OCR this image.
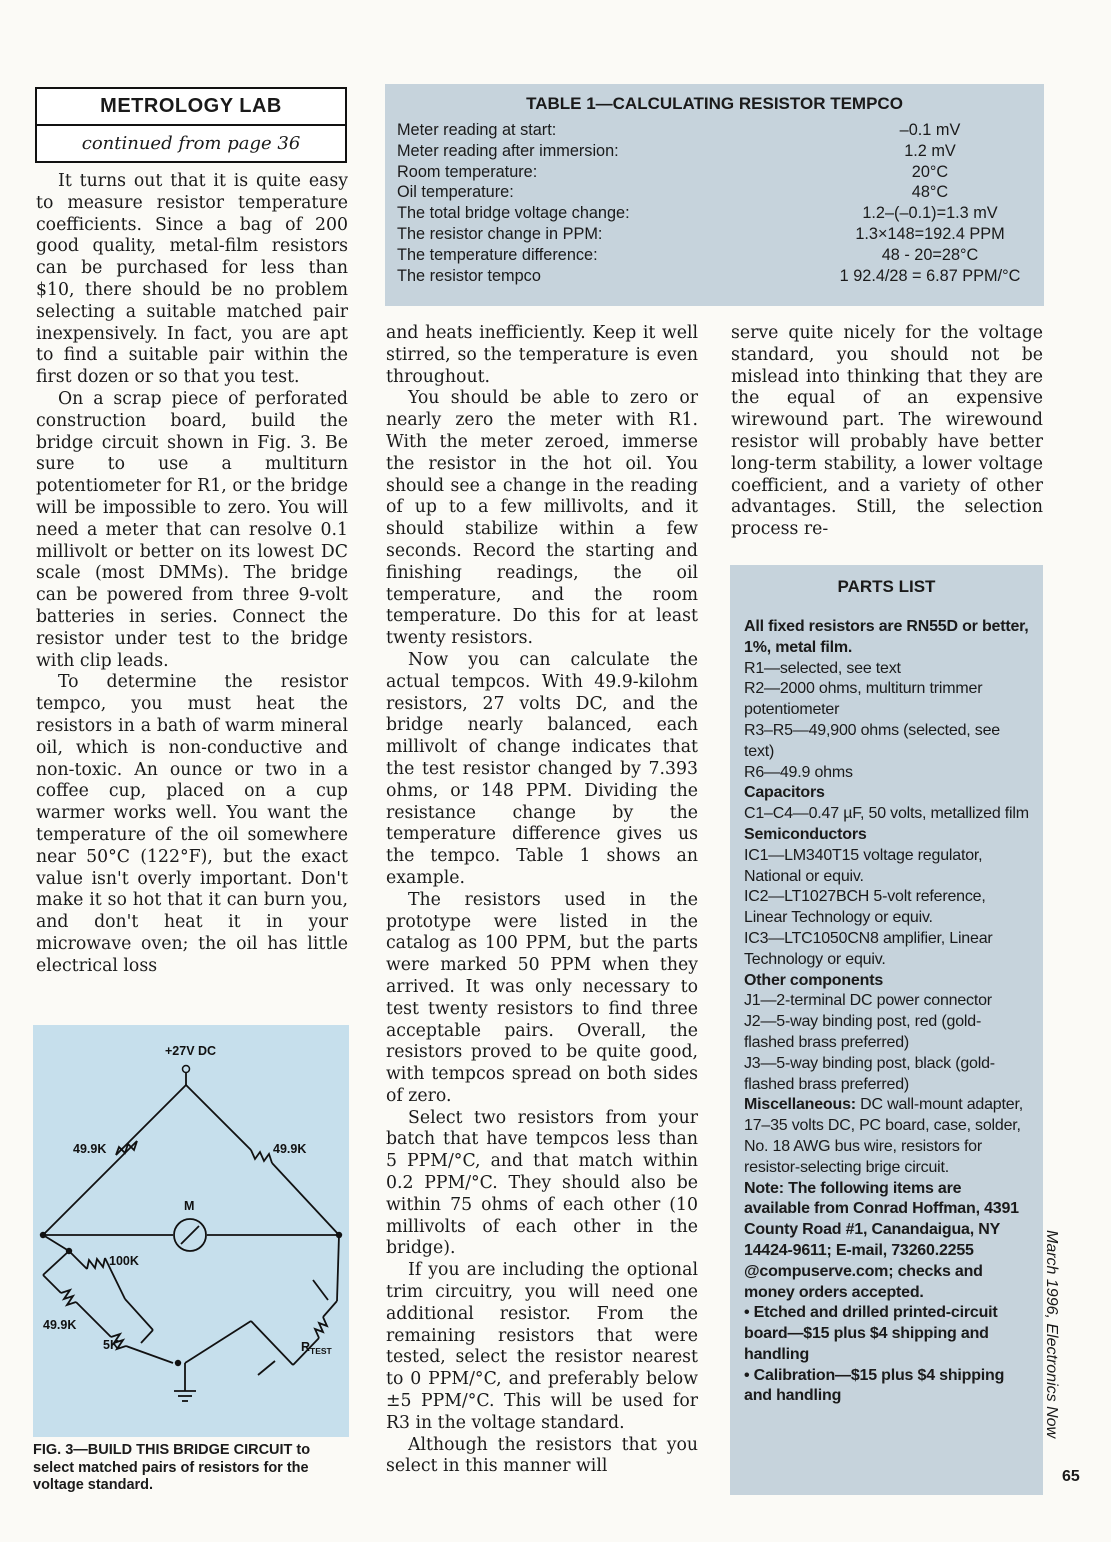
METROLOGY LAB
continued from page 36

It turns out that it is quite easy to measure resistor temperature coefficients. Since a bag of 200 good quality, metal-film resistors can be purchased for less than $10, there should be no problem selecting a suitable matched pair inexpensively. In fact, you are apt to find a suitable pair within the first dozen or so that you test.

On a scrap piece of perforated construction board, build the bridge circuit shown in Fig. 3. Be sure to use a multiturn potentiometer for R1, or the bridge will be impossible to zero. You will need a meter that can resolve 0.1 millivolt or better on its lowest DC scale (most DMMs). The bridge can be powered from three 9-volt batteries in series. Connect the resistor under test to the bridge with clip leads.

To determine the resistor tempco, you must heat the resistors in a bath of warm mineral oil, which is non-conductive and non-toxic. An ounce or two in a coffee cup, placed on a cup warmer works well. You want the temperature of the oil somewhere near 50°C (122°F), but the exact value isn't overly important. Don't make it so hot that it can burn you, and don't heat it in your microwave oven; the oil has little electrical loss

TABLE 1—CALCULATING RESISTOR TEMPCO
Meter reading at start:	–0.1 mV
Meter reading after immersion:	1.2 mV
Room temperature:	20°C
Oil temperature:	48°C
The total bridge voltage change:	1.2–(–0.1)=1.3 mV
The resistor change in PPM:	1.3×148=192.4 PPM
The temperature difference:	48 - 20=28°C
The resistor tempco	1 92.4/28 = 6.87 PPM/°C

and heats inefficiently. Keep it well stirred, so the temperature is even throughout.

You should be able to zero or nearly zero the meter with R1. With the meter zeroed, immerse the resistor in the hot oil. You should see a change in the reading of up to a few millivolts, and it should stabilize within a few seconds. Record the starting and finishing readings, the oil temperature, and the room temperature. Do this for at least twenty resistors.

Now you can calculate the actual tempcos. With 49.9-kilohm resistors, 27 volts DC, and the bridge nearly balanced, each millivolt of change indicates that the test resistor changed by 7.393 ohms, or 148 PPM. Dividing the resistance change by the temperature difference gives us the tempco. Table 1 shows an example.

The resistors used in the prototype were listed in the catalog as 100 PPM, but the parts were marked 50 PPM when they arrived. It was only necessary to test twenty resistors to find three acceptable pairs. Overall, the resistors proved to be quite good, with tempcos spread on both sides of zero.

Select two resistors from your batch that have tempcos less than 5 PPM/°C, and that match within 0.2 PPM/°C. They should also be within 75 ohms of each other (10 millivolts of each other in the bridge).

If you are including the optional trim circuitry, you will need one additional resistor. From the remaining resistors that were tested, select the resistor nearest to 0 PPM/°C, and preferably below ±5 PPM/°C. This will be used for R3 in the voltage standard.

Although the resistors that you select in this manner will

serve quite nicely for the voltage standard, you should not be mislead into thinking that they are the equal of an expensive wirewound part. The wirewound resistor will probably have better long-term stability, a lower voltage coefficient, and a variety of other advantages. Still, the selection process re-

+27V DC
49.9K	49.9K
M
100K
49.9K
5K	$R_{TEST}$
FIG. 3—BUILD THIS BRIDGE CIRCUIT to select matched pairs of resistors for the voltage standard.
PARTS LIST
All fixed resistors are RN55D or better, 1%, metal film.
R1—selected, see text
R2—2000 ohms, multiturn trimmer potentiometer
R3–R5—49,900 ohms (selected, see text)
R6—49.9 ohms
Capacitors
C1–C4—0.47 µF, 50 volts, metallized film
Semiconductors
IC1—LM340T15 voltage regulator, National or equiv.
IC2—LT1027BCH 5-volt reference, Linear Technology or equiv.
IC3—LTC1050CN8 amplifier, Linear Technology or equiv.
Other components
J1—2-terminal DC power connector
J2—5-way binding post, red (gold-flashed brass preferred)
J3—5-way binding post, black (gold-flashed brass preferred)
Miscellaneous: DC wall-mount adapter, 17–35 volts DC, PC board, case, solder, No. 18 AWG bus wire, resistors for resistor-selecting brige circuit.
Note: The following items are available from Conrad Hoffman, 4391 County Road #1, Canandaigua, NY 14424-9611; E-mail, 73260.2255 @compuserve.com; checks and money orders accepted.
• Etched and drilled printed-circuit board—$15 plus $4 shipping and handling
• Calibration—$15 plus $4 shipping and handling	March 1996, Electronics Now
65
